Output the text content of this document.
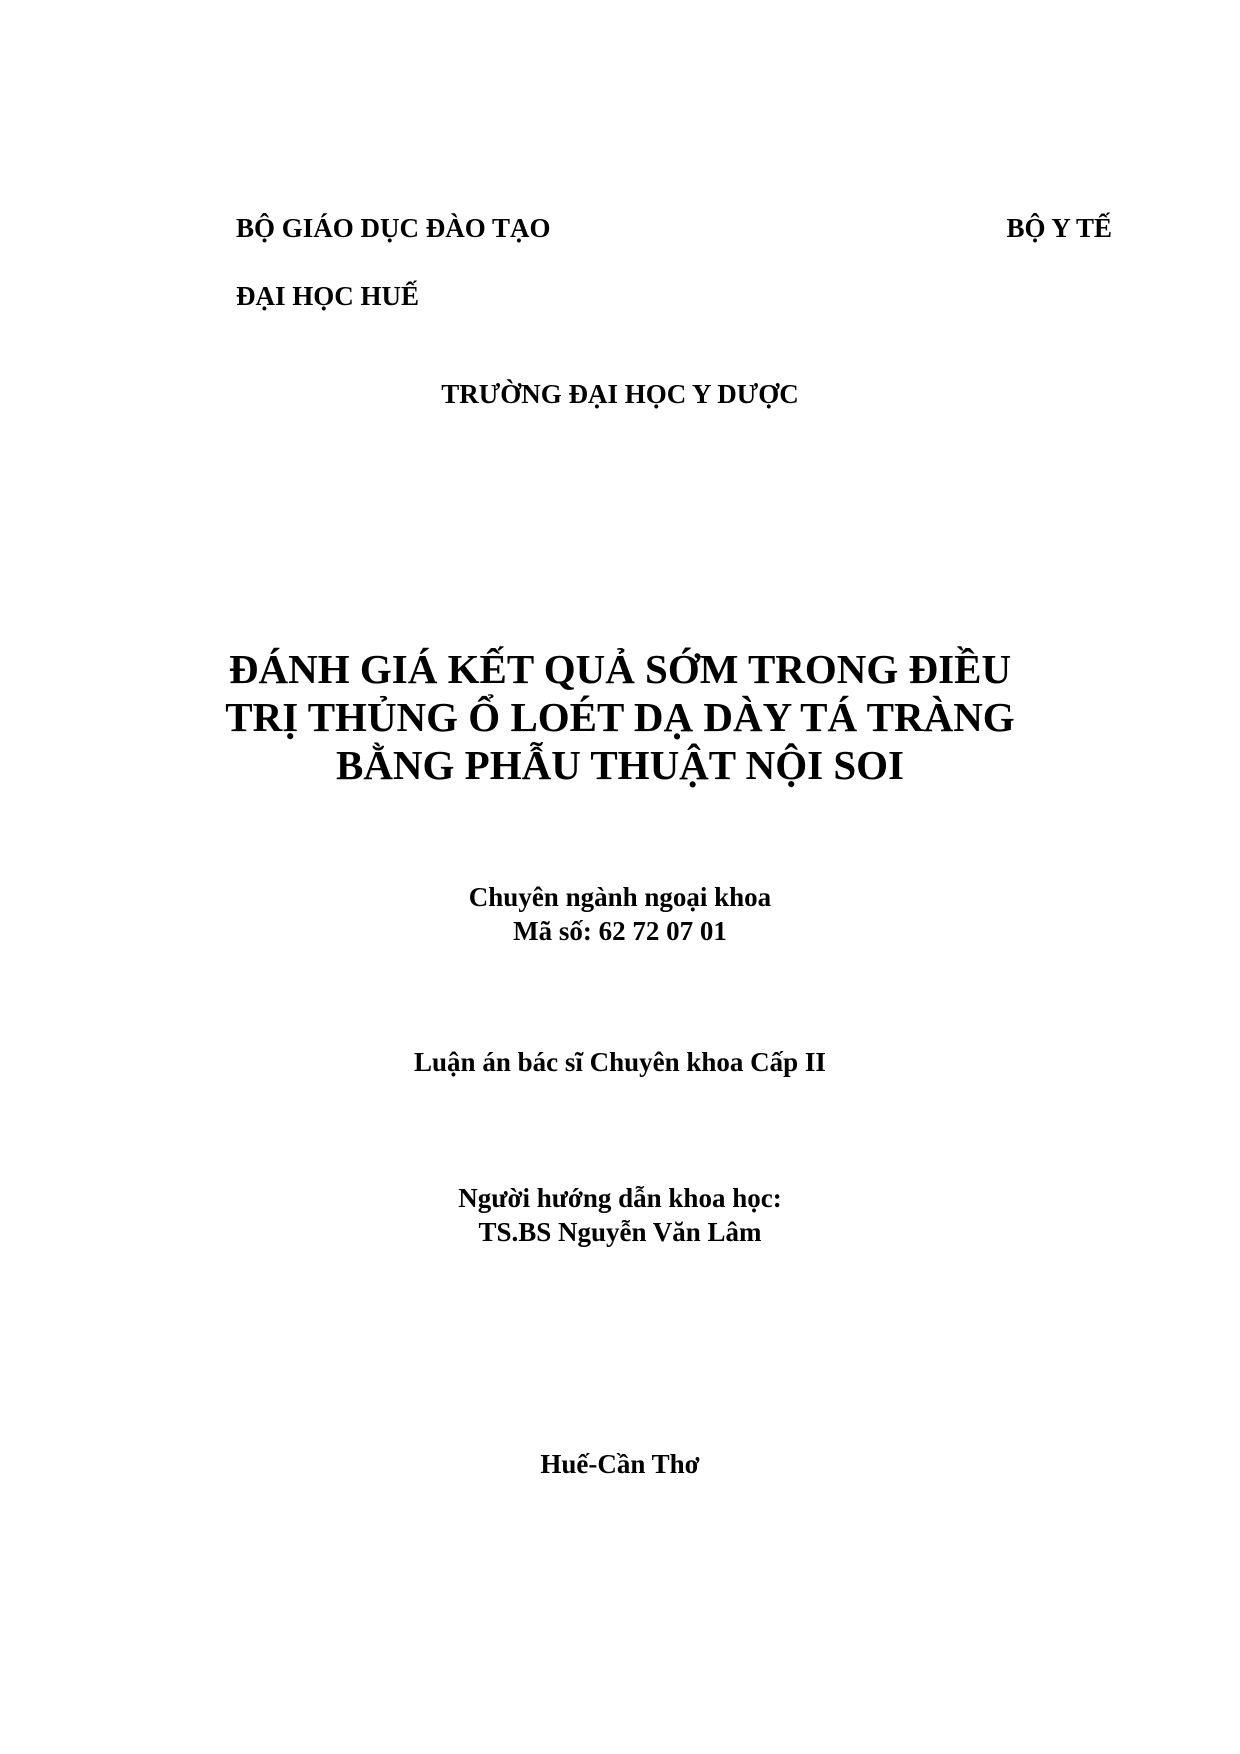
BỘ GIÁO DỤC ĐÀO TẠO	BỘ Y TẾ
ĐẠI HỌC HUẾ
TRƯỜNG ĐẠI HỌC Y DƯỢC
ĐÁNH GIÁ KẾT QUẢ SỚM TRONG ĐIỀU
TRỊ THỦNG Ổ LOÉT DẠ DÀY TÁ TRÀNG
BẰNG PHẪU THUẬT NỘI SOI
Chuyên ngành ngoại khoa
Mã số: 62 72 07 01
Luận án bác sĩ Chuyên khoa Cấp II
Người hướng dẫn khoa học:
TS.BS Nguyễn Văn Lâm
Huế-Cần Thơ
